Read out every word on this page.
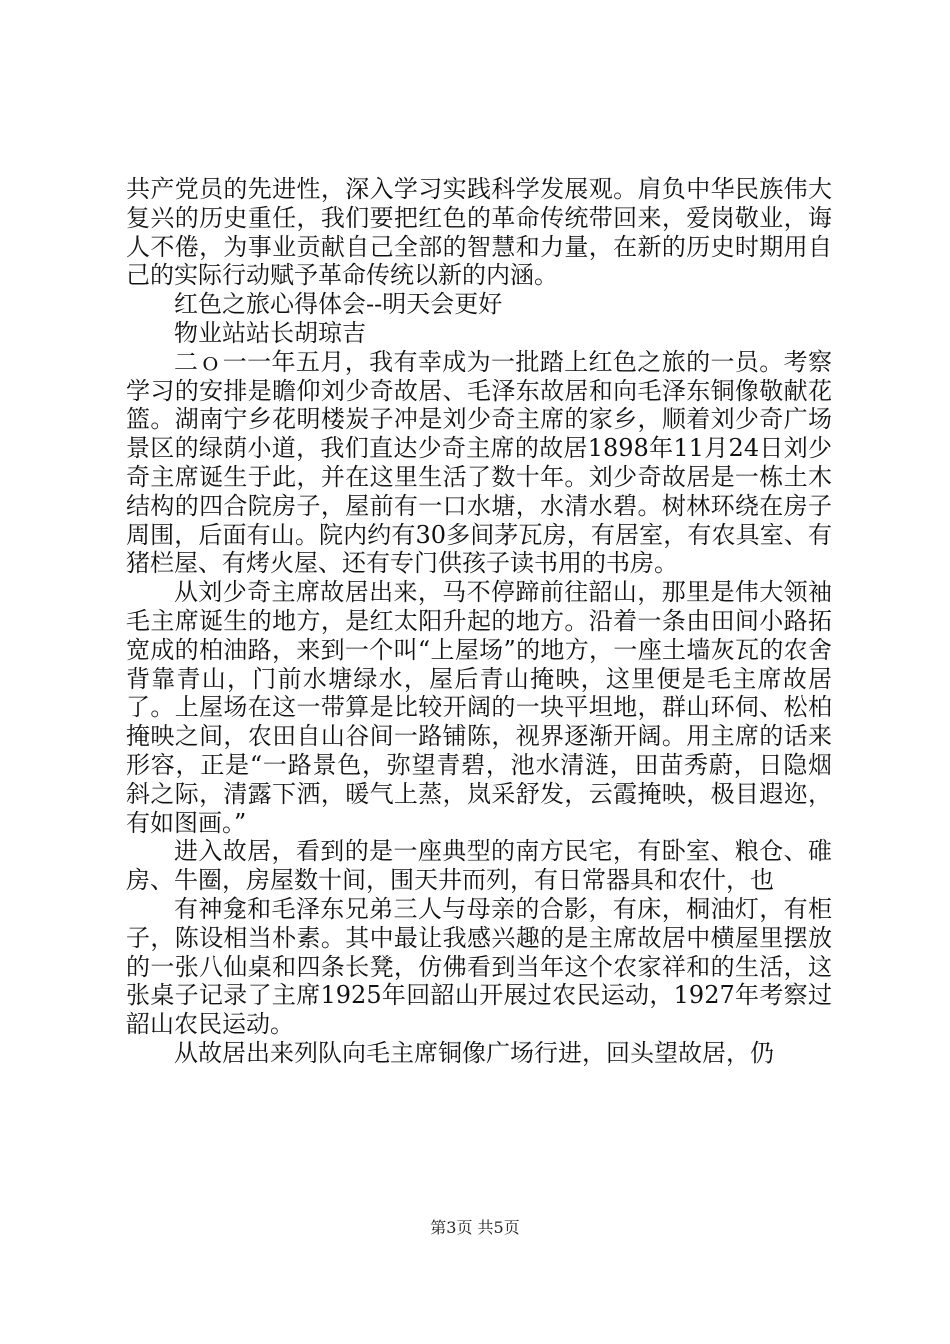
共产党员的先进性，深入学习实践科学发展观。肩负中华民族伟大复兴的历史重任，我们要把红色的革命传统带回来，爱岗敬业，诲人不倦，为事业贡献自己全部的智慧和力量，在新的历史时期用自己的实际行动赋予革命传统以新的内涵。

红色之旅心得体会--明天会更好

物业站站长胡琼吉

二ｏ一一年五月，我有幸成为一批踏上红色之旅的一员。考察学习的安排是瞻仰刘少奇故居、毛泽东故居和向毛泽东铜像敬献花篮。湖南宁乡花明楼炭子冲是刘少奇主席的家乡，顺着刘少奇广场景区的绿荫小道，我们直达少奇主席的故居1898年11月24日刘少奇主席诞生于此，并在这里生活了数十年。刘少奇故居是一栋土木结构的四合院房子，屋前有一口水塘，水清水碧。树林环绕在房子周围，后面有山。院内约有30多间茅瓦房，有居室，有农具室、有猪栏屋、有烤火屋、还有专门供孩子读书用的书房。

从刘少奇主席故居出来，马不停蹄前往韶山，那里是伟大领袖毛主席诞生的地方，是红太阳升起的地方。沿着一条由田间小路拓宽成的柏油路，来到一个叫“上屋场”的地方，一座土墙灰瓦的农舍背靠青山，门前水塘绿水，屋后青山掩映，这里便是毛主席故居了。上屋场在这一带算是比较开阔的一块平坦地，群山环伺、松柏掩映之间，农田自山谷间一路铺陈，视界逐渐开阔。用主席的话来形容，正是“一路景色，弥望青碧，池水清涟，田苗秀蔚，日隐烟斜之际，清露下洒，暖气上蒸，岚采舒发，云霞掩映，极目遐迩，有如图画。”

进入故居，看到的是一座典型的南方民宅，有卧室、粮仓、碓房、牛圈，房屋数十间，围天井而列，有日常器具和农什，也

有神龛和毛泽东兄弟三人与母亲的合影，有床，桐油灯，有柜子，陈设相当朴素。其中最让我感兴趣的是主席故居中横屋里摆放的一张八仙桌和四条长凳，仿佛看到当年这个农家祥和的生活，这张桌子记录了主席1925年回韶山开展过农民运动，1927年考察过韶山农民运动。

从故居出来列队向毛主席铜像广场行进，回头望故居，仍

第3页 共5页
